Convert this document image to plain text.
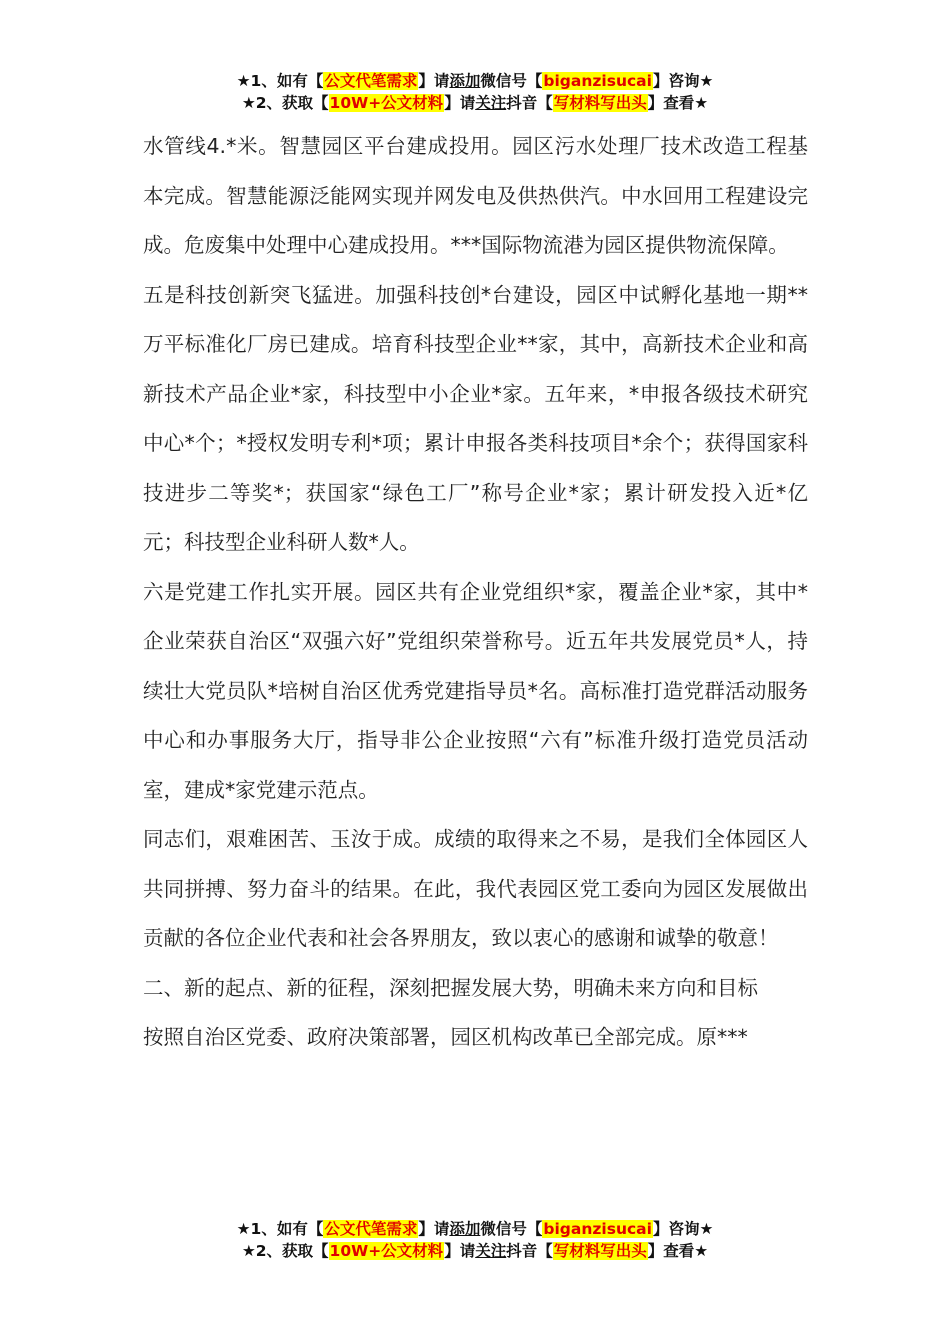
★1、如有【公文代笔需求】请添加微信号【biganzisucai】咨询★
★2、获取【10W+公文材料】请关注抖音【写材料写出头】查看★

水管线4.*米。智慧园区平台建成投用。园区污水处理厂技术改造工程基本完成。智慧能源泛能网实现并网发电及供热供汽。中水回用工程建设完成。危废集中处理中心建成投用。***国际物流港为园区提供物流保障。

五是科技创新突飞猛进。加强科技创*台建设，园区中试孵化基地一期**万平标准化厂房已建成。培育科技型企业**家，其中，高新技术企业和高新技术产品企业*家，科技型中小企业*家。五年来，*申报各级技术研究中心*个；*授权发明专利*项；累计申报各类科技项目*余个；获得国家科技进步二等奖*；获国家“绿色工厂”称号企业*家；累计研发投入近*亿元；科技型企业科研人数*人。

六是党建工作扎实开展。园区共有企业党组织*家，覆盖企业*家，其中*企业荣获自治区“双强六好”党组织荣誉称号。近五年共发展党员*人，持续壮大党员队*培树自治区优秀党建指导员*名。高标准打造党群活动服务中心和办事服务大厅，指导非公企业按照“六有”标准升级打造党员活动室，建成*家党建示范点。

同志们，艰难困苦、玉汝于成。成绩的取得来之不易，是我们全体园区人共同拼搏、努力奋斗的结果。在此，我代表园区党工委向为园区发展做出贡献的各位企业代表和社会各界朋友，致以衷心的感谢和诚挚的敬意！

二、新的起点、新的征程，深刻把握发展大势，明确未来方向和目标

按照自治区党委、政府决策部署，园区机构改革已全部完成。原***

★1、如有【公文代笔需求】请添加微信号【biganzisucai】咨询★
★2、获取【10W+公文材料】请关注抖音【写材料写出头】查看★
